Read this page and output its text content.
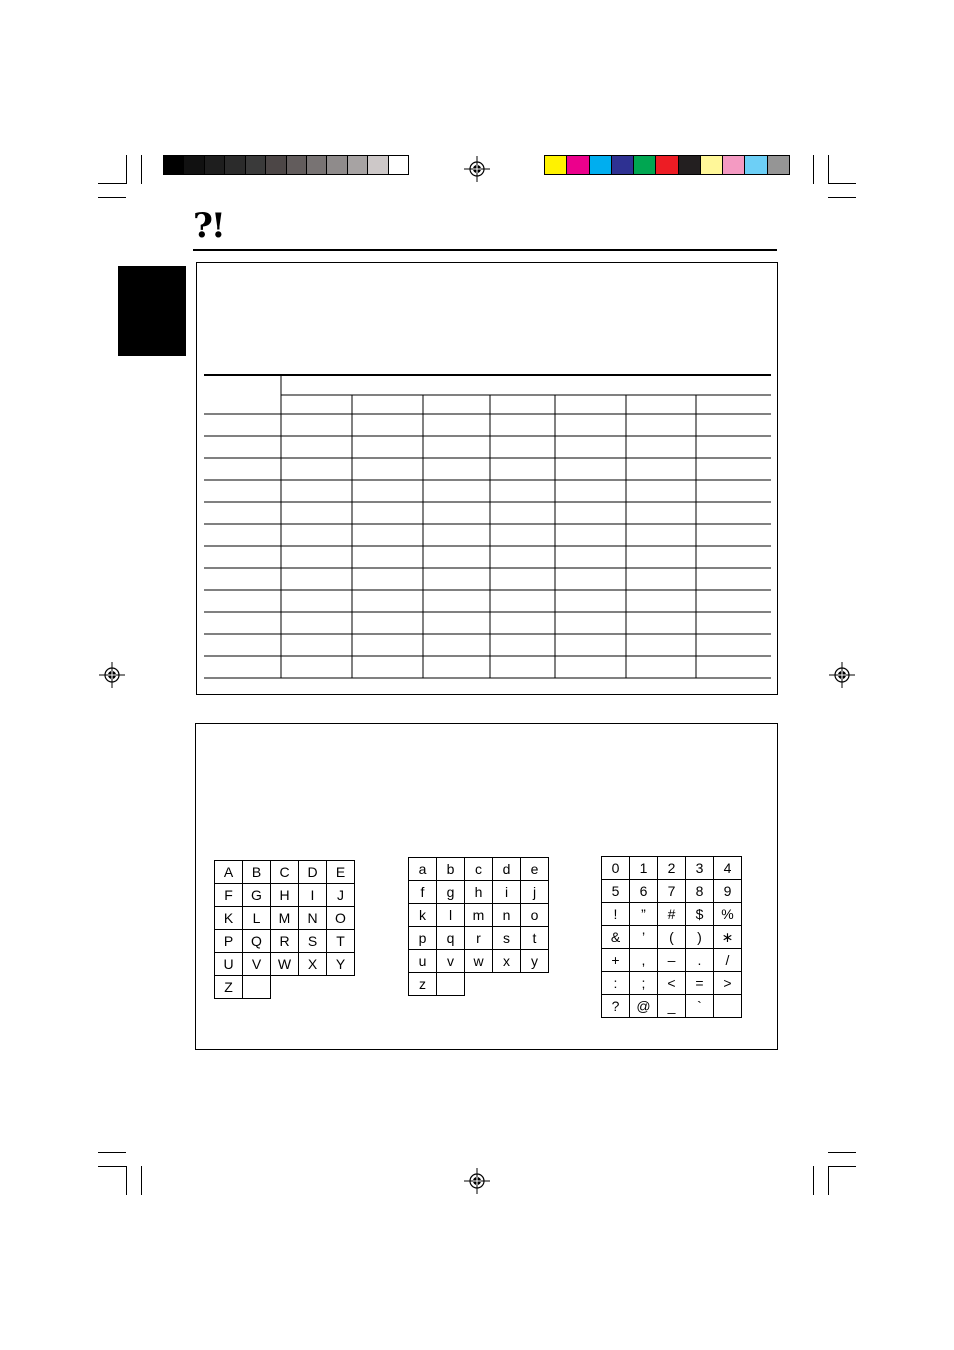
?!
A	B	C	D	E
F	G	H	I	J
K	L	M	N	O
P	Q	R	S	T
U	V	W	X	Y
Z				
a	b	c	d	e
f	g	h	i	j
k	l	m	n	o
p	q	r	s	t
u	v	w	x	y
z				
0	1	2	3	4
5	6	7	8	9
!	”	#	$	%
&	’	(	)	∗
+	,	–	.	/
:	;	<	=	>
?	@	_	`	
